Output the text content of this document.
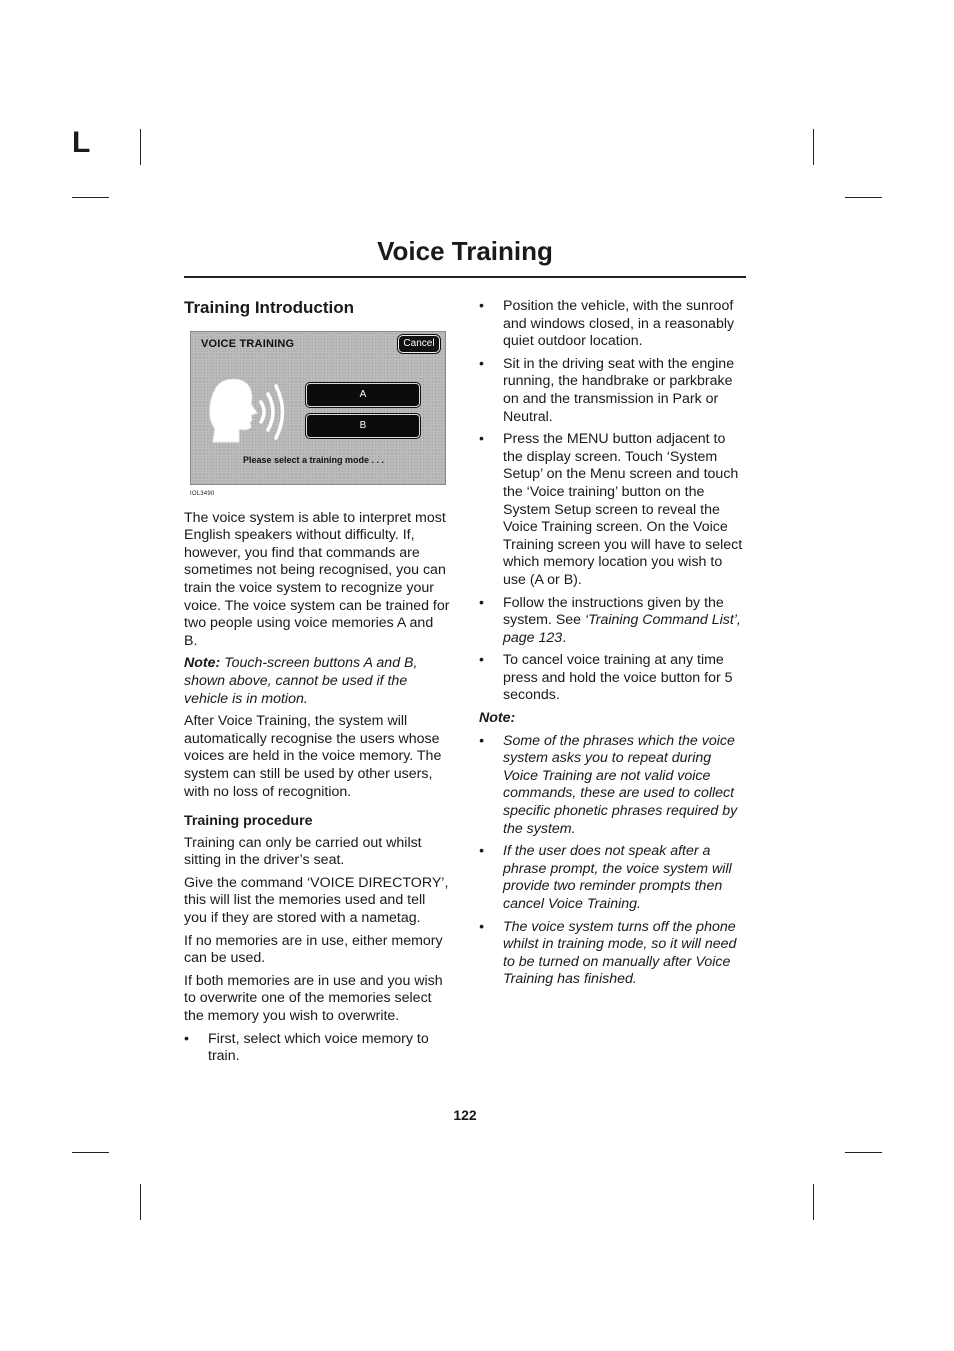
L
Voice Training
Training Introduction
VOICE TRAINING	Cancel
A
B
Please select a training mode . . .
IOL3490

The voice system is able to interpret most English speakers without difficulty. If, however, you find that commands are sometimes not being recognised, you can train the voice system to recognize your voice. The voice system can be trained for two people using voice memories A and B.

Note: Touch-screen buttons A and B, shown above, cannot be used if the vehicle is in motion.

After Voice Training, the system will automatically recognise the users whose voices are held in the voice memory. The system can still be used by other users, with no loss of recognition.

Training procedure

Training can only be carried out whilst sitting in the driver’s seat.

Give the command ‘VOICE DIRECTORY’, this will list the memories used and tell you if they are stored with a nametag.

If no memories are in use, either memory can be used.

If both memories are in use and you wish to overwrite one of the memories select the memory you wish to overwrite.

• First, select which voice memory to train.
• Position the vehicle, with the sunroof and windows closed, in a reasonably quiet outdoor location.
• Sit in the driving seat with the engine running, the handbrake or parkbrake on and the transmission in Park or Neutral.
• Press the MENU button adjacent to the display screen. Touch ‘System Setup’ on the Menu screen and touch the ‘Voice training’ button on the System Setup screen to reveal the Voice Training screen. On the Voice Training screen you will have to select which memory location you wish to use (A or B).
• Follow the instructions given by the system. See ‘Training Command List’, page 123.
• To cancel voice training at any time press and hold the voice button for 5 seconds.

Note:

• Some of the phrases which the voice system asks you to repeat during Voice Training are not valid voice commands, these are used to collect specific phonetic phrases required by the system.
• If the user does not speak after a phrase prompt, the voice system will provide two reminder prompts then cancel Voice Training.
• The voice system turns off the phone whilst in training mode, so it will need to be turned on manually after Voice Training has finished.
122
